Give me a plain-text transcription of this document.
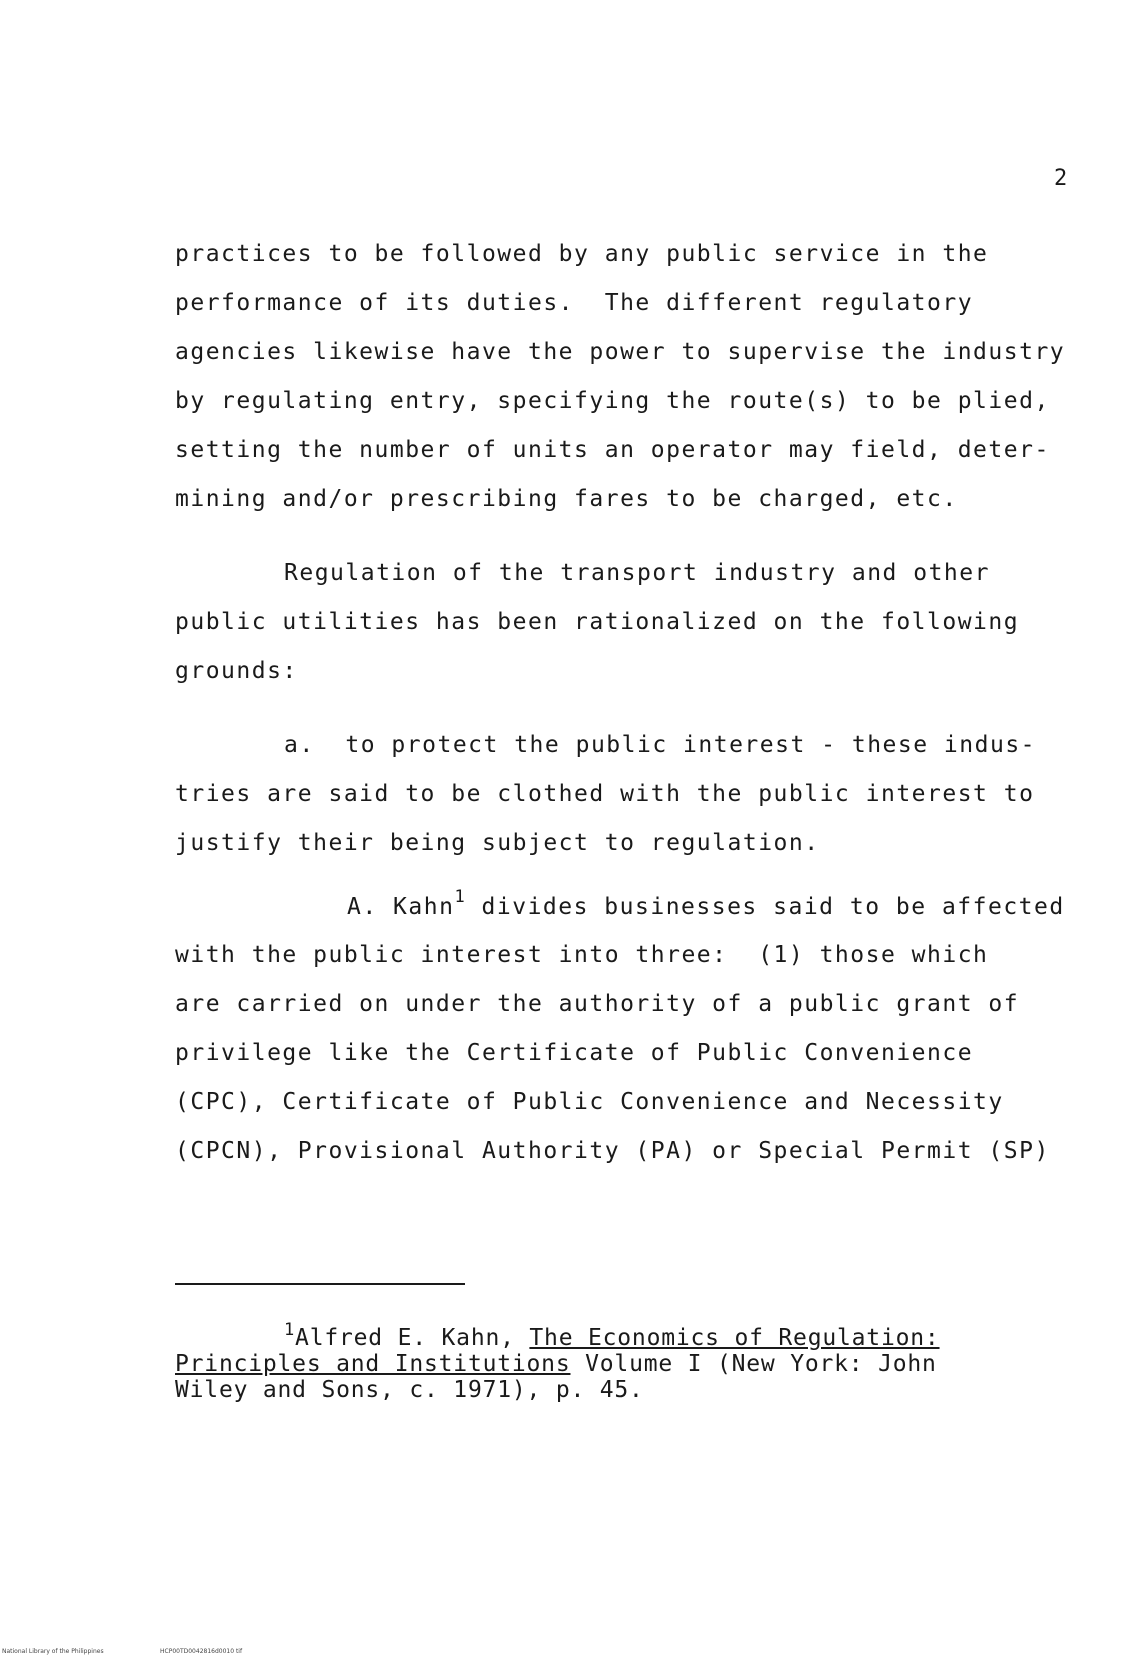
2
practices to be followed by any public service in the
performance of its duties.  The different regulatory
agencies likewise have the power to supervise the industry
by regulating entry, specifying the route(s) to be plied,
setting the number of units an operator may field, deter-
mining and/or prescribing fares to be charged, etc.
Regulation of the transport industry and other
public utilities has been rationalized on the following
grounds:
a.  to protect the public interest - these indus-
tries are said to be clothed with the public interest to
justify their being subject to regulation.
A. Kahn$^1$ divides businesses said to be affected
with the public interest into three:  (1) those which
are carried on under the authority of a public grant of
privilege like the Certificate of Public Convenience
(CPC), Certificate of Public Convenience and Necessity
(CPCN), Provisional Authority (PA) or Special Permit (SP)
$^1$Alfred E. Kahn, The Economics of Regulation:
Principles and Institutions Volume I (New York: John
Wiley and Sons, c. 1971), p. 45.
National Library of the Philippines	HCP00TD0042816d0010 tif
